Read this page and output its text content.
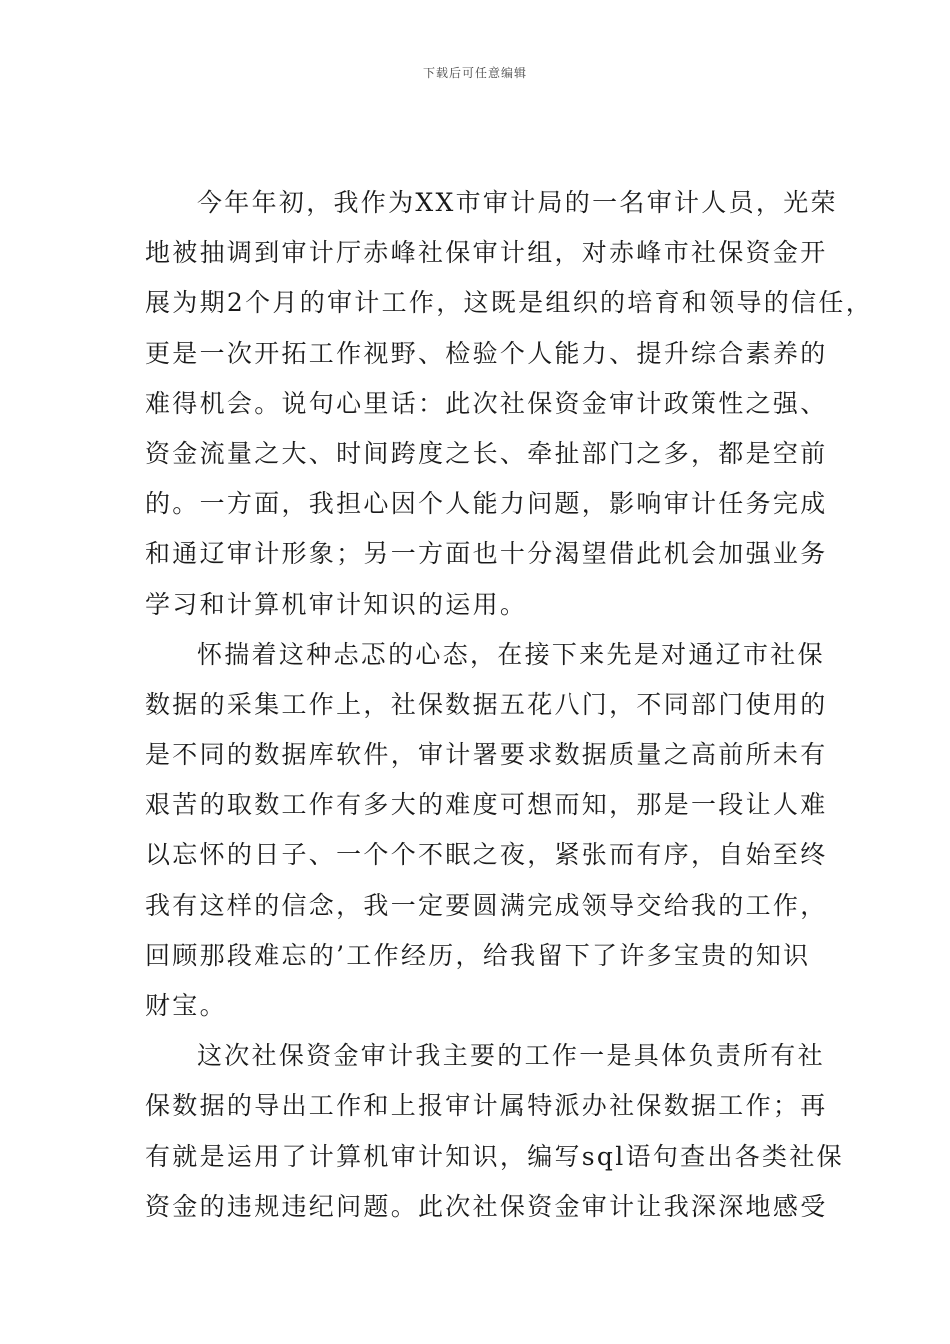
下载后可任意编辑
今年年初，我作为XX市审计局的一名审计人员，光荣
地被抽调到审计厅赤峰社保审计组，对赤峰市社保资金开
展为期2个月的审计工作，这既是组织的培育和领导的信任，
更是一次开拓工作视野、检验个人能力、提升综合素养的
难得机会。说句心里话：此次社保资金审计政策性之强、
资金流量之大、时间跨度之长、牵扯部门之多，都是空前
的。一方面，我担心因个人能力问题，影响审计任务完成
和通辽审计形象；另一方面也十分渴望借此机会加强业务
学习和计算机审计知识的运用。
怀揣着这种忐忑的心态，在接下来先是对通辽市社保
数据的采集工作上，社保数据五花八门，不同部门使用的
是不同的数据库软件，审计署要求数据质量之高前所未有
艰苦的取数工作有多大的难度可想而知，那是一段让人难
以忘怀的日子、一个个不眠之夜，紧张而有序，自始至终
我有这样的信念，我一定要圆满完成领导交给我的工作，
回顾那段难忘的’工作经历，给我留下了许多宝贵的知识
财宝。
这次社保资金审计我主要的工作一是具体负责所有社
保数据的导出工作和上报审计属特派办社保数据工作；再
有就是运用了计算机审计知识，编写sql语句查出各类社保
资金的违规违纪问题。此次社保资金审计让我深深地感受
